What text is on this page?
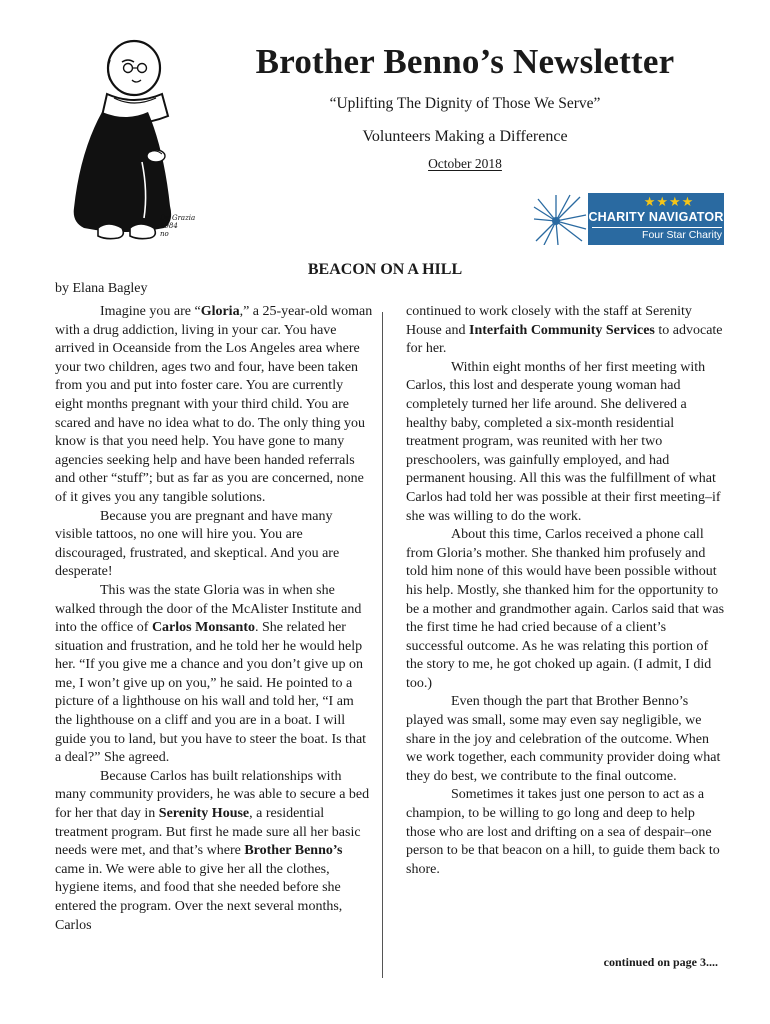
De Grazia
1984
no
Brother Benno’s Newsletter
“Uplifting The Dignity of Those We Serve”
Volunteers Making a Difference
October 2018
★★★★
CHARITY NAVIGATOR
Four Star Charity
BEACON ON A HILL
by Elana Bagley

Imagine you are “Gloria,” a 25-year-old woman with a drug addiction, living in your car. You have arrived in Oceanside from the Los Angeles area where your two children, ages two and four, have been taken from you and put into foster care. You are currently eight months pregnant with your third child. You are scared and have no idea what to do. The only thing you know is that you need help. You have gone to many agencies seeking help and have been handed referrals and other “stuff”; but as far as you are concerned, none of it gives you any tangible solutions.

Because you are pregnant and have many visible tattoos, no one will hire you. You are discouraged, frustrated, and skeptical. And you are desperate!

This was the state Gloria was in when she walked through the door of the McAlister Institute and into the office of Carlos Monsanto. She related her situation and frustration, and he told her he would help her. “If you give me a chance and you don’t give up on me, I won’t give up on you,” he said. He pointed to a picture of a lighthouse on his wall and told her, “I am the lighthouse on a cliff and you are in a boat. I will guide you to land, but you have to steer the boat. Is that a deal?” She agreed.

Because Carlos has built relationships with many community providers, he was able to secure a bed for her that day in Serenity House, a residential treatment program. But first he made sure all her basic needs were met, and that’s where Brother Benno’s came in. We were able to give her all the clothes, hygiene items, and food that she needed before she entered the program. Over the next several months, Carlos

continued to work closely with the staff at Serenity House and Interfaith Community Services to advocate for her.

Within eight months of her first meeting with Carlos, this lost and desperate young woman had completely turned her life around. She delivered a healthy baby, completed a six-month residential treatment program, was reunited with her two preschoolers, was gainfully employed, and had permanent housing. All this was the fulfillment of what Carlos had told her was possible at their first meeting–if she was willing to do the work.

About this time, Carlos received a phone call from Gloria’s mother. She thanked him profusely and told him none of this would have been possible without his help. Mostly, she thanked him for the opportunity to be a mother and grandmother again. Carlos said that was the first time he had cried because of a client’s successful outcome. As he was relating this portion of the story to me, he got choked up again. (I admit, I did too.)

Even though the part that Brother Benno’s played was small, some may even say negligible, we share in the joy and celebration of the outcome. When we work together, each community provider doing what they do best, we contribute to the final outcome.

Sometimes it takes just one person to act as a champion, to be willing to go long and deep to help those who are lost and drifting on a sea of despair–one person to be that beacon on a hill, to guide them back to shore.

continued on page 3....
